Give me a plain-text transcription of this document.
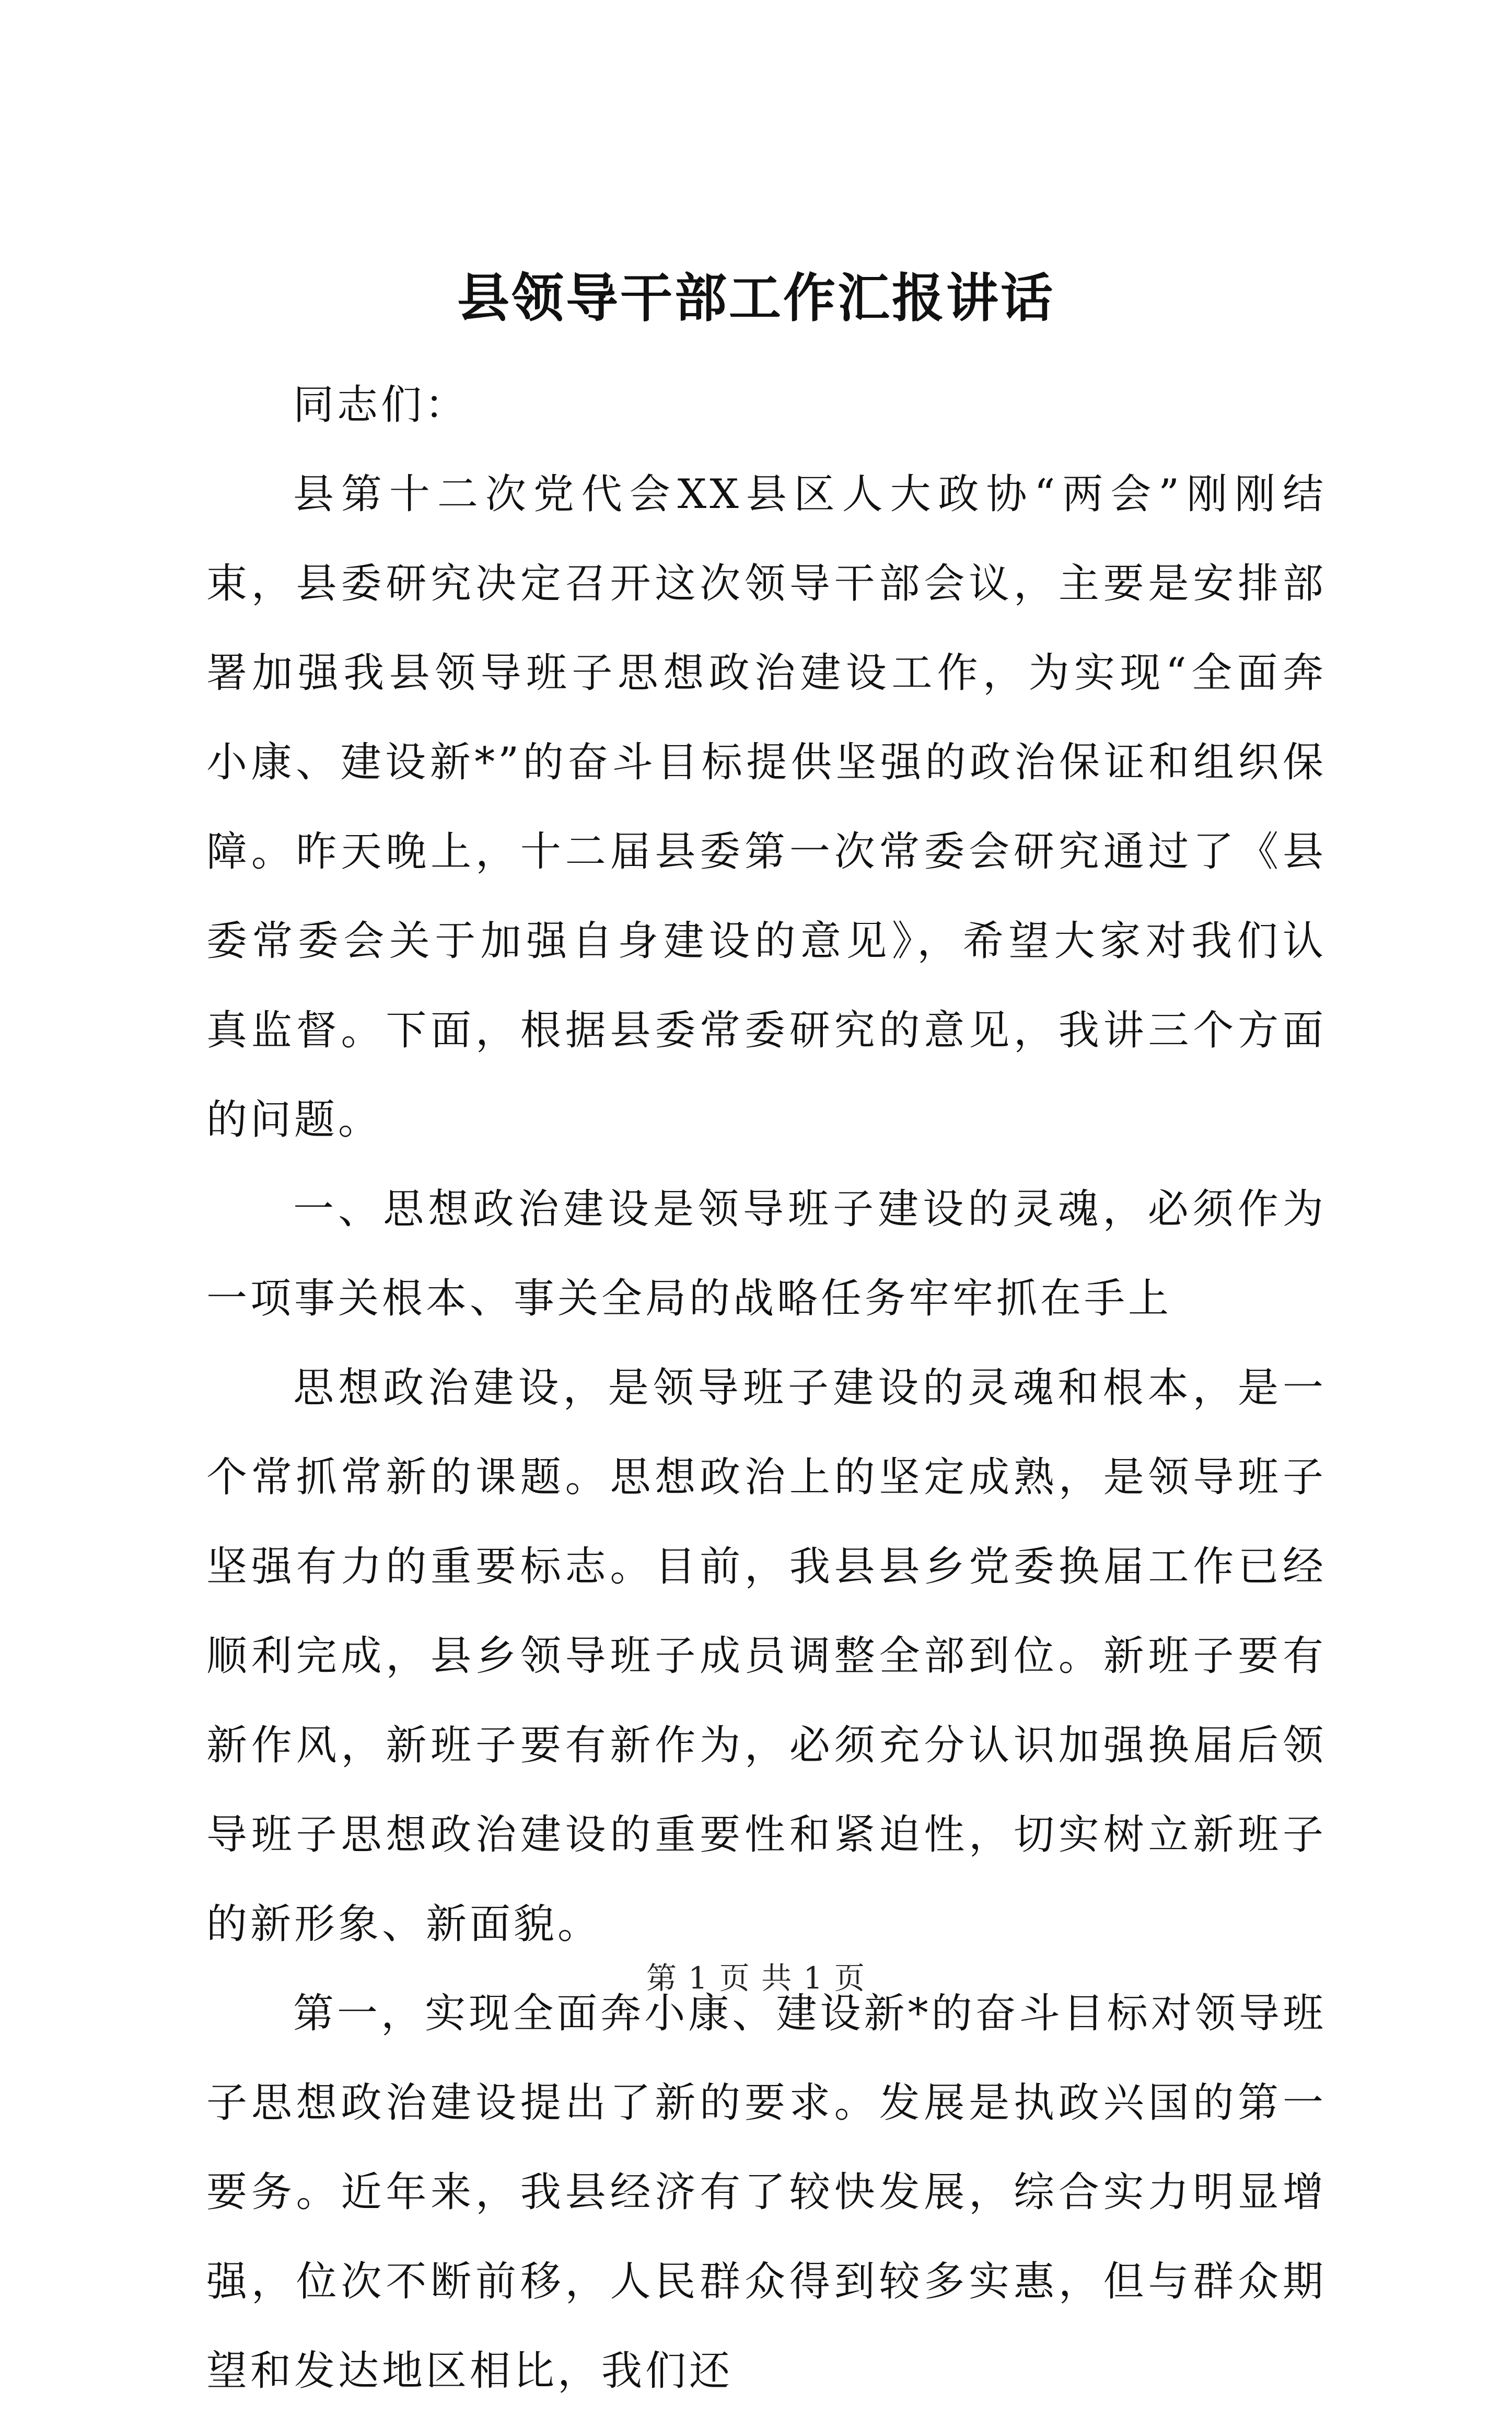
县领导干部工作汇报讲话

同志们：

县第十二次党代会XX县区人大政协“两会”刚刚结束，县委研究决定召开这次领导干部会议，主要是安排部署加强我县领导班子思想政治建设工作，为实现“全面奔小康、建设新*”的奋斗目标提供坚强的政治保证和组织保障。昨天晚上，十二届县委第一次常委会研究通过了《县委常委会关于加强自身建设的意见》，希望大家对我们认真监督。下面，根据县委常委研究的意见，我讲三个方面的问题。

一、思想政治建设是领导班子建设的灵魂，必须作为一项事关根本、事关全局的战略任务牢牢抓在手上

思想政治建设，是领导班子建设的灵魂和根本，是一个常抓常新的课题。思想政治上的坚定成熟，是领导班子坚强有力的重要标志。目前，我县县乡党委换届工作已经顺利完成，县乡领导班子成员调整全部到位。新班子要有新作风，新班子要有新作为，必须充分认识加强换届后领导班子思想政治建设的重要性和紧迫性，切实树立新班子的新形象、新面貌。

第一，实现全面奔小康、建设新*的奋斗目标对领导班子思想政治建设提出了新的要求。发展是执政兴国的第一要务。近年来，我县经济有了较快发展，综合实力明显增强，位次不断前移，人民群众得到较多实惠，但与群众期望和发达地区相比，我们还

第 1 页 共 1 页
